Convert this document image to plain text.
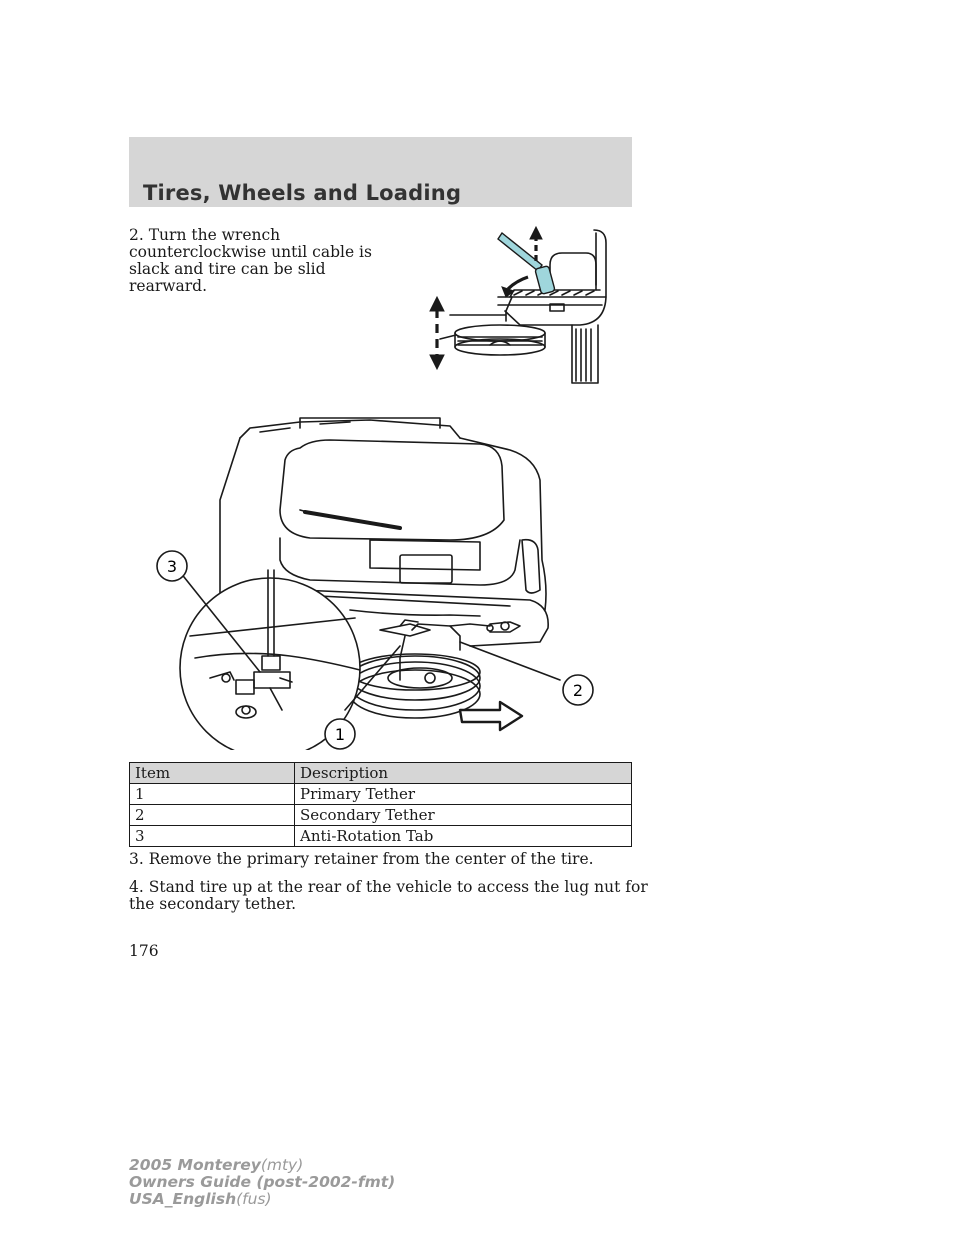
Tires, Wheels and Loading

2. Turn the wrench counterclockwise until cable is slack and tire can be slid rearward.

3
2
1
Item	Description
1	Primary Tether
2	Secondary Tether
3	Anti-Rotation Tab

3. Remove the primary retainer from the center of the tire.

4. Stand tire up at the rear of the vehicle to access the lug nut for the secondary tether.

176
2005 Monterey(mty)
Owners Guide (post-2002-fmt)
USA_English(fus)
